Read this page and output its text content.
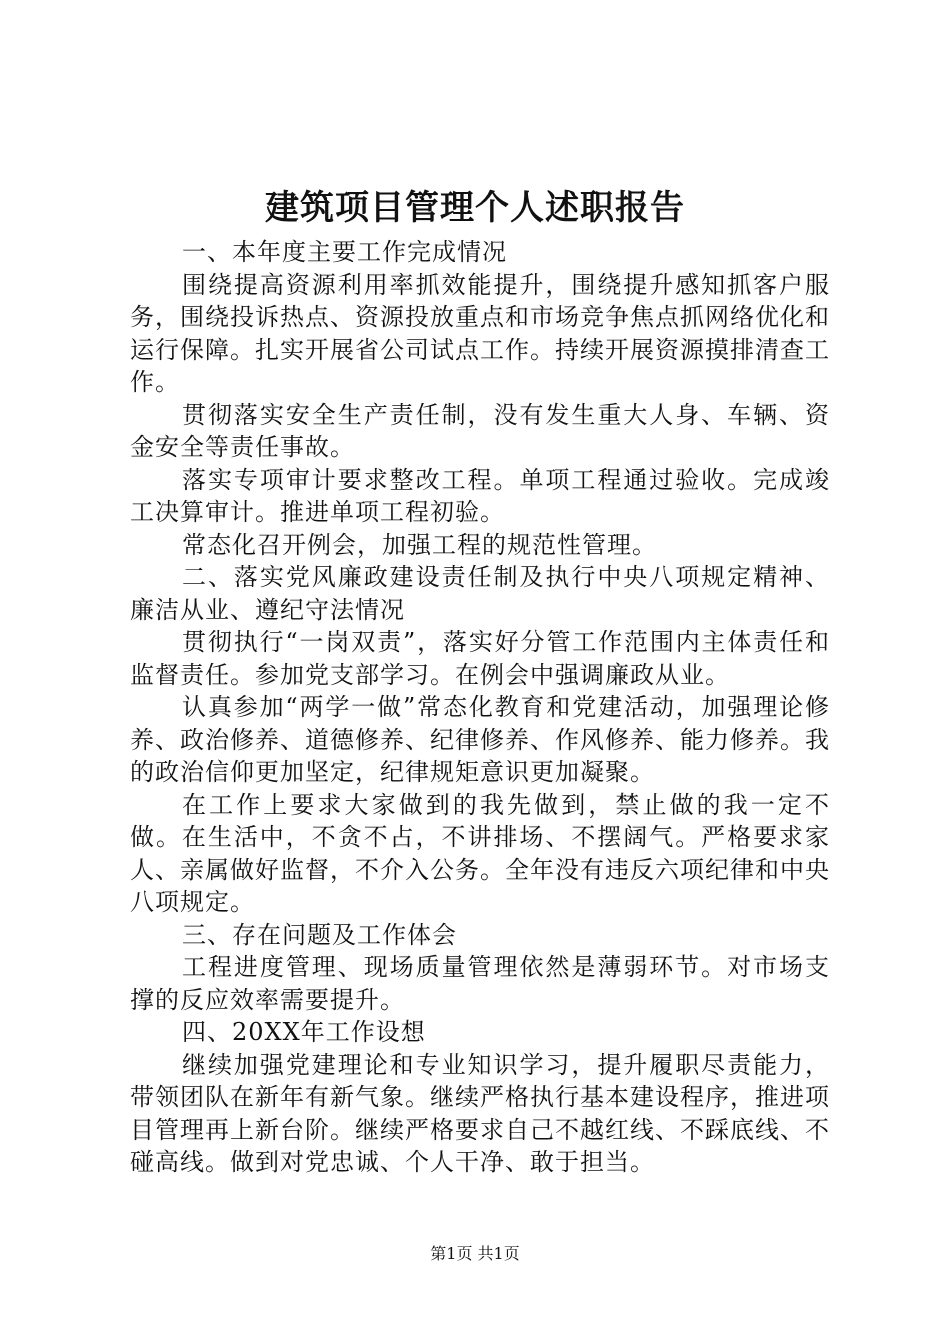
建筑项目管理个人述职报告

一、本年度主要工作完成情况

围绕提高资源利用率抓效能提升，围绕提升感知抓客户服务，围绕投诉热点、资源投放重点和市场竞争焦点抓网络优化和运行保障。扎实开展省公司试点工作。持续开展资源摸排清查工作。

贯彻落实安全生产责任制，没有发生重大人身、车辆、资金安全等责任事故。

落实专项审计要求整改工程。单项工程通过验收。完成竣工决算审计。推进单项工程初验。

常态化召开例会，加强工程的规范性管理。

二、落实党风廉政建设责任制及执行中央八项规定精神、廉洁从业、遵纪守法情况

贯彻执行“一岗双责”，落实好分管工作范围内主体责任和监督责任。参加党支部学习。在例会中强调廉政从业。

认真参加“两学一做”常态化教育和党建活动，加强理论修养、政治修养、道德修养、纪律修养、作风修养、能力修养。我的政治信仰更加坚定，纪律规矩意识更加凝聚。

在工作上要求大家做到的我先做到，禁止做的我一定不做。在生活中，不贪不占，不讲排场、不摆阔气。严格要求家人、亲属做好监督，不介入公务。全年没有违反六项纪律和中央八项规定。

三、存在问题及工作体会

工程进度管理、现场质量管理依然是薄弱环节。对市场支撑的反应效率需要提升。

四、20XX年工作设想

继续加强党建理论和专业知识学习，提升履职尽责能力，带领团队在新年有新气象。继续严格执行基本建设程序，推进项目管理再上新台阶。继续严格要求自己不越红线、不踩底线、不碰高线。做到对党忠诚、个人干净、敢于担当。

第1页 共1页
